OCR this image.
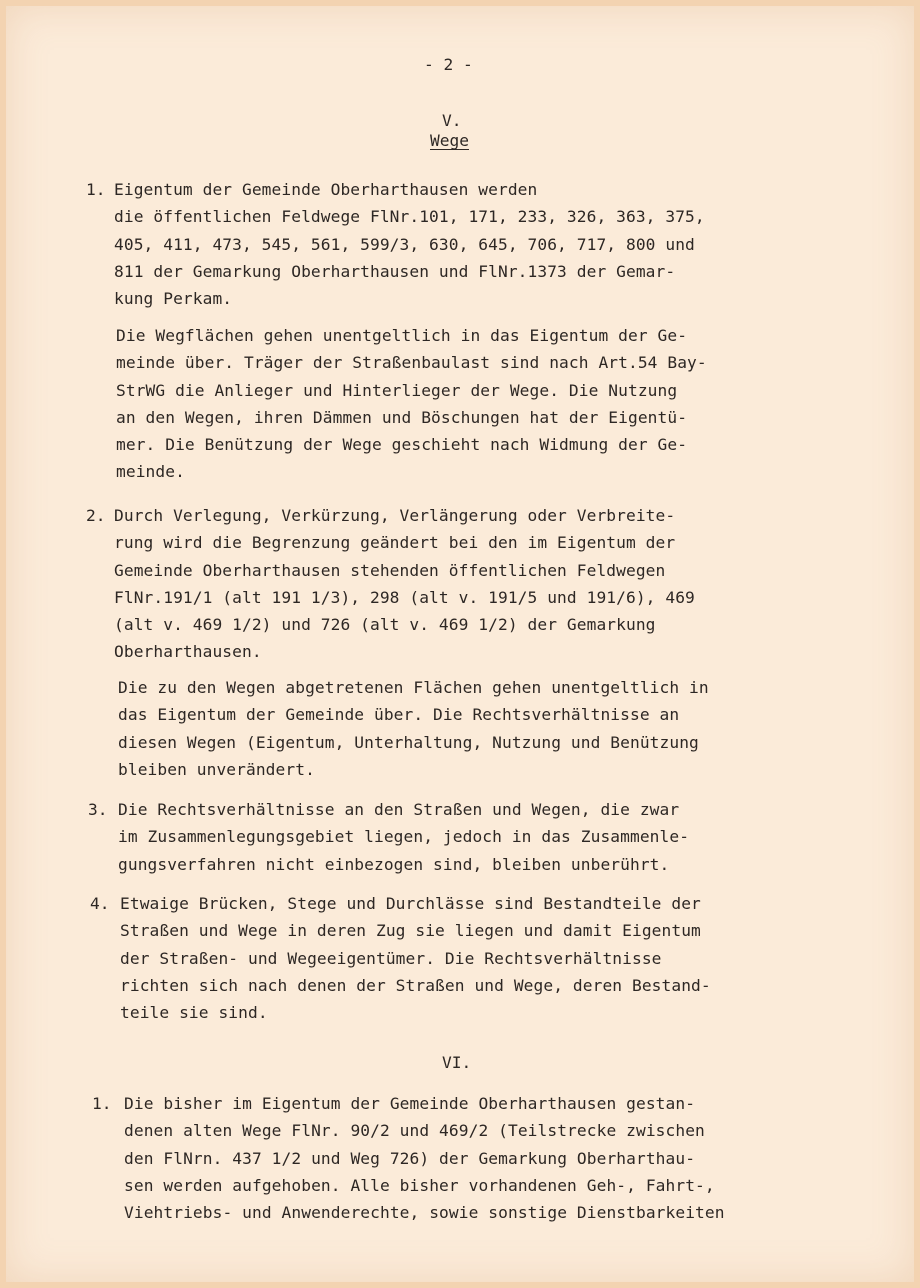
- 2 -

V.

Wege

1. Eigentum der Gemeinde Oberharthausen werden
die öffentlichen Feldwege FlNr.101, 171, 233, 326, 363, 375,
405, 411, 473, 545, 561, 599/3, 630, 645, 706, 717, 800 und
811 der Gemarkung Oberharthausen und FlNr.1373 der Gemar-
kung Perkam.

Die Wegflächen gehen unentgeltlich in das Eigentum der Ge-
meinde über. Träger der Straßenbaulast sind nach Art.54 Bay-
StrWG die Anlieger und Hinterlieger der Wege. Die Nutzung
an den Wegen, ihren Dämmen und Böschungen hat der Eigentü-
mer. Die Benützung der Wege geschieht nach Widmung der Ge-
meinde.

2. Durch Verlegung, Verkürzung, Verlängerung oder Verbreite-
rung wird die Begrenzung geändert bei den im Eigentum der
Gemeinde Oberharthausen stehenden öffentlichen Feldwegen
FlNr.191/1 (alt 191 1/3), 298 (alt v. 191/5 und 191/6), 469
(alt v. 469 1/2) und 726 (alt v. 469 1/2) der Gemarkung
Oberharthausen.

Die zu den Wegen abgetretenen Flächen gehen unentgeltlich in
das Eigentum der Gemeinde über. Die Rechtsverhältnisse an
diesen Wegen (Eigentum, Unterhaltung, Nutzung und Benützung
bleiben unverändert.

3. Die Rechtsverhältnisse an den Straßen und Wegen, die zwar
im Zusammenlegungsgebiet liegen, jedoch in das Zusammenle-
gungsverfahren nicht einbezogen sind, bleiben unberührt.

4. Etwaige Brücken, Stege und Durchlässe sind Bestandteile der
Straßen und Wege in deren Zug sie liegen und damit Eigentum
der Straßen- und Wegeeigentümer. Die Rechtsverhältnisse
richten sich nach denen der Straßen und Wege, deren Bestand-
teile sie sind.

VI.

1. Die bisher im Eigentum der Gemeinde Oberharthausen gestan-
denen alten Wege FlNr. 90/2 und 469/2 (Teilstrecke zwischen
den FlNrn. 437 1/2 und Weg 726) der Gemarkung Oberharthau-
sen werden aufgehoben. Alle bisher vorhandenen Geh-, Fahrt-,
Viehtriebs- und Anwenderechte, sowie sonstige Dienstbarkeiten
